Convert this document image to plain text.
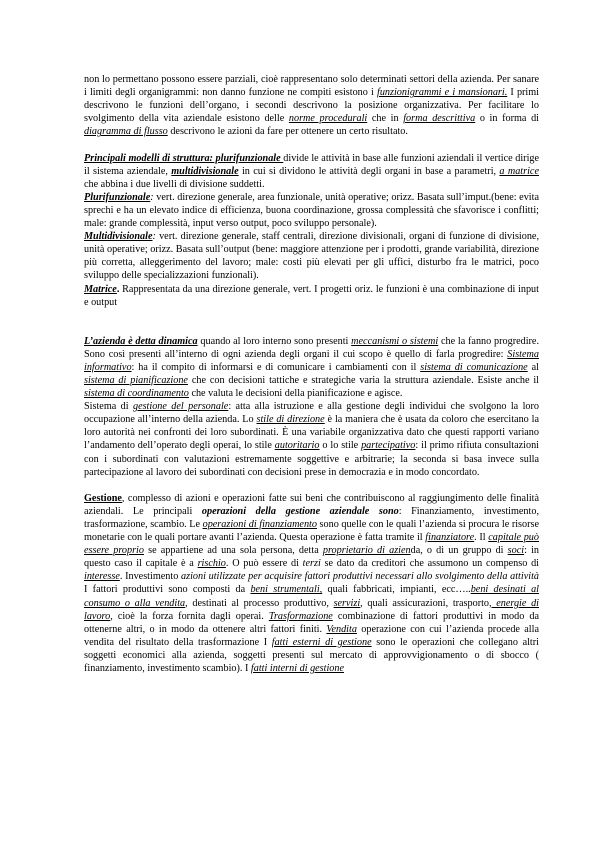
non lo permettano possono essere parziali, cioè rappresentano solo determinati settori della azienda. Per sanare i limiti degli organigrammi: non danno funzione ne compiti esistono i funzionigrammi e i mansionari. I primi descrivono le funzioni dell’organo, i secondi descrivono la posizione organizzativa. Per facilitare lo svolgimento della vita aziendale esistono delle norme procedurali che in forma descrittiva o in forma di diagramma di flusso descrivono le azioni da fare per ottenere un certo risultato.

Principali modelli di struttura: plurifunzionale divide le attività in base alle funzioni aziendali il vertice dirige il sistema aziendale, multidivisionale in cui si dividono le attività degli organi in base a parametri, a matrice che abbina i due livelli di divisione suddetti.

Plurifunzionale: vert. direzione generale, area funzionale, unità operative; orizz. Basata sull’imput.(bene: evita sprechi e ha un elevato indice di efficienza, buona coordinazione, grossa complessità che sfavorisce i conflitti; male: grande complessità, input verso output, poco sviluppo personale).

Multidivisionale: vert. direzione generale, staff centrali, direzione divisionali, organi di funzione di divisione, unità operative; orizz. Basata sull’output (bene: maggiore attenzione per i prodotti, grande variabilità, direzione più corretta, alleggerimento del lavoro; male: costi più elevati per gli uffici, disturbo fra le matrici, poco sviluppo delle specializzazioni funzionali).

Matrice. Rappresentata da una direzione generale, vert. I progetti oriz. le funzioni è una combinazione di input e output

L’azienda è detta dinamica quando al loro interno sono presenti meccanismi o sistemi che la fanno progredire. Sono così presenti all’interno di ogni azienda degli organi il cui scopo è quello di farla progredire: Sistema informativo: ha il compito di informarsi e di comunicare i cambiamenti con il sistema di comunicazione al sistema di pianificazione che con decisioni tattiche e strategiche varia la struttura aziendale. Esiste anche il sistema di coordinamento che valuta le decisioni della pianificazione e agisce.

Sistema di gestione del personale: atta alla istruzione e alla gestione degli individui che svolgono la loro occupazione all’interno della azienda. Lo stile di direzione è la maniera che è usata da coloro che esercitano la loro autorità nei confronti dei loro subordinati. È una variabile organizzativa dato che questi rapporti variano l’andamento dell’operato degli operai, lo stile autoritario o lo stile partecipativo: il primo rifiuta consultazioni con i subordinati con valutazioni estremamente soggettive e arbitrarie; la seconda si basa invece sulla partecipazione al lavoro dei subordinati con decisioni prese in democrazia e in modo concordato.

Gestione, complesso di azioni e operazioni fatte sui beni che contribuiscono al raggiungimento delle finalità aziendali. Le principali operazioni della gestione aziendale sono: Finanziamento, investimento, trasformazione, scambio. Le operazioni di finanziamento sono quelle con le quali l’azienda si procura le risorse monetarie con le quali portare avanti l’azienda. Questa operazione è fatta tramite il finanziatore. Il capitale può essere proprio se appartiene ad una sola persona, detta proprietario di azienda, o di un gruppo di soci: in questo caso il capitale è a rischio. O può essere di terzi se dato da creditori che assumono un compenso di interesse. Investimento azioni utilizzate per acquisire fattori produttivi necessari allo svolgimento della attività I fattori produttivi sono composti da beni strumentali, quali fabbricati, impianti, ecc…..beni desinati al consumo o alla vendita, destinati al processo produttivo, servizi, quali assicurazioni, trasporto, energie di lavoro, cioè la forza fornita dagli operai. Trasformazione combinazione di fattori produttivi in modo da ottenerne altri, o in modo da ottenere altri fattori finiti. Vendita operazione con cui l’azienda procede alla vendita del risultato della trasformazione I fatti esterni di gestione sono le operazioni che collegano altri soggetti economici alla azienda, soggetti presenti sul mercato di approvvigionamento o di sbocco ( finanziamento, investimento scambio). I fatti interni di gestione
